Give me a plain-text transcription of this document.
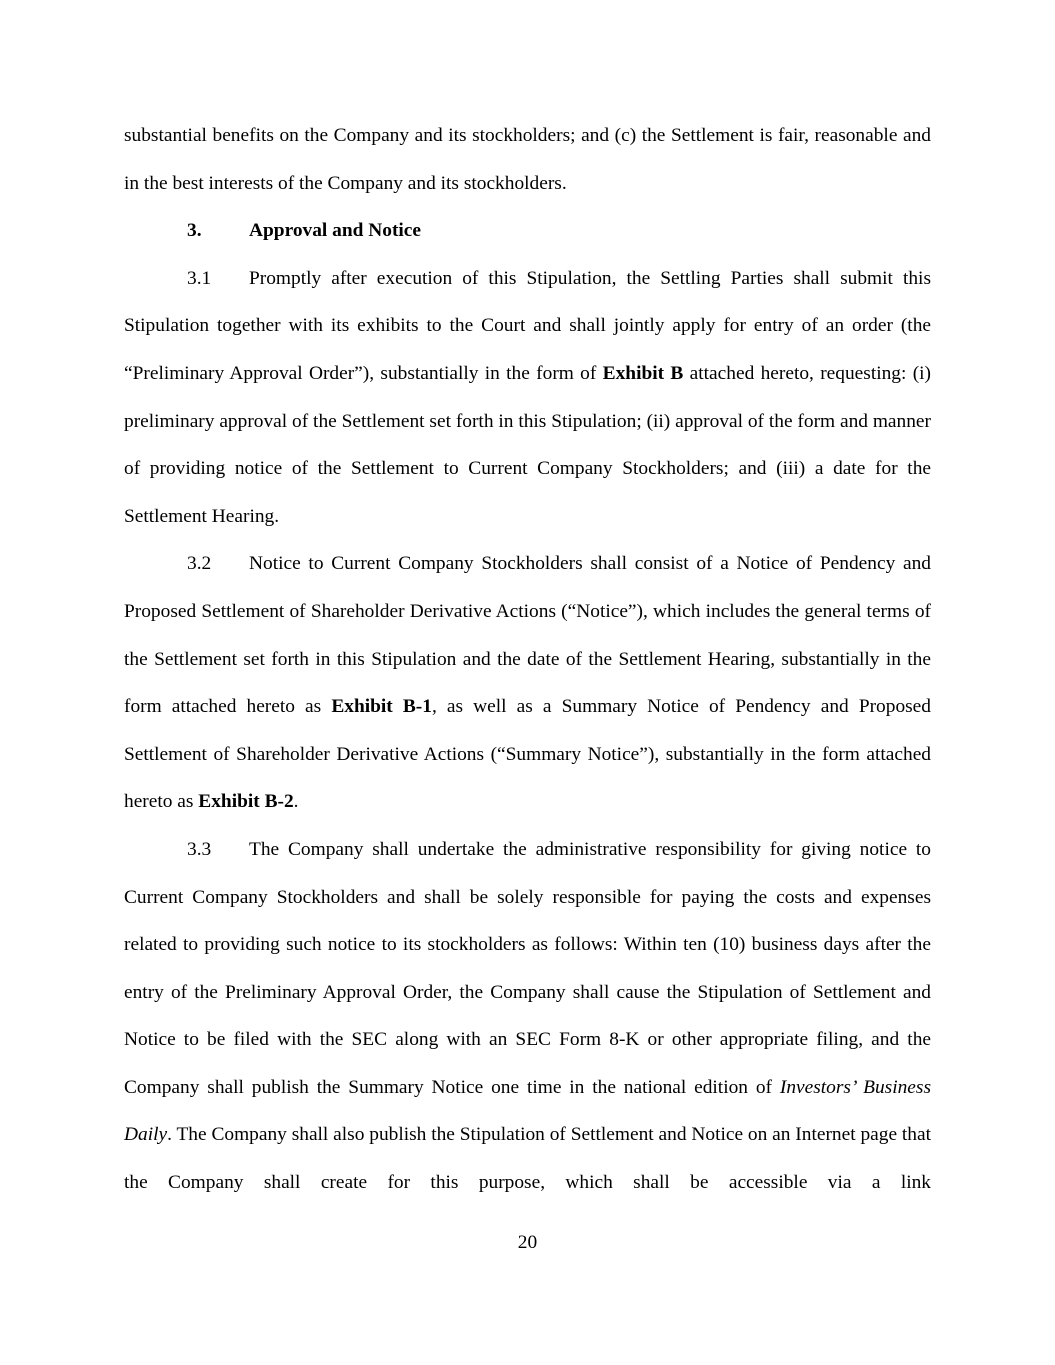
substantial benefits on the Company and its stockholders; and (c) the Settlement is fair, reasonable and in the best interests of the Company and its stockholders.

3. Approval and Notice

3.1 Promptly after execution of this Stipulation, the Settling Parties shall submit this Stipulation together with its exhibits to the Court and shall jointly apply for entry of an order (the “Preliminary Approval Order”), substantially in the form of Exhibit B attached hereto, requesting: (i) preliminary approval of the Settlement set forth in this Stipulation; (ii) approval of the form and manner of providing notice of the Settlement to Current Company Stockholders; and (iii) a date for the Settlement Hearing.

3.2 Notice to Current Company Stockholders shall consist of a Notice of Pendency and Proposed Settlement of Shareholder Derivative Actions (“Notice”), which includes the general terms of the Settlement set forth in this Stipulation and the date of the Settlement Hearing, substantially in the form attached hereto as Exhibit B-1, as well as a Summary Notice of Pendency and Proposed Settlement of Shareholder Derivative Actions (“Summary Notice”), substantially in the form attached hereto as Exhibit B-2.

3.3 The Company shall undertake the administrative responsibility for giving notice to Current Company Stockholders and shall be solely responsible for paying the costs and expenses related to providing such notice to its stockholders as follows: Within ten (10) business days after the entry of the Preliminary Approval Order, the Company shall cause the Stipulation of Settlement and Notice to be filed with the SEC along with an SEC Form 8-K or other appropriate filing, and the Company shall publish the Summary Notice one time in the national edition of Investors’ Business Daily. The Company shall also publish the Stipulation of Settlement and Notice on an Internet page that the Company shall create for this purpose, which shall be accessible via a link

20
